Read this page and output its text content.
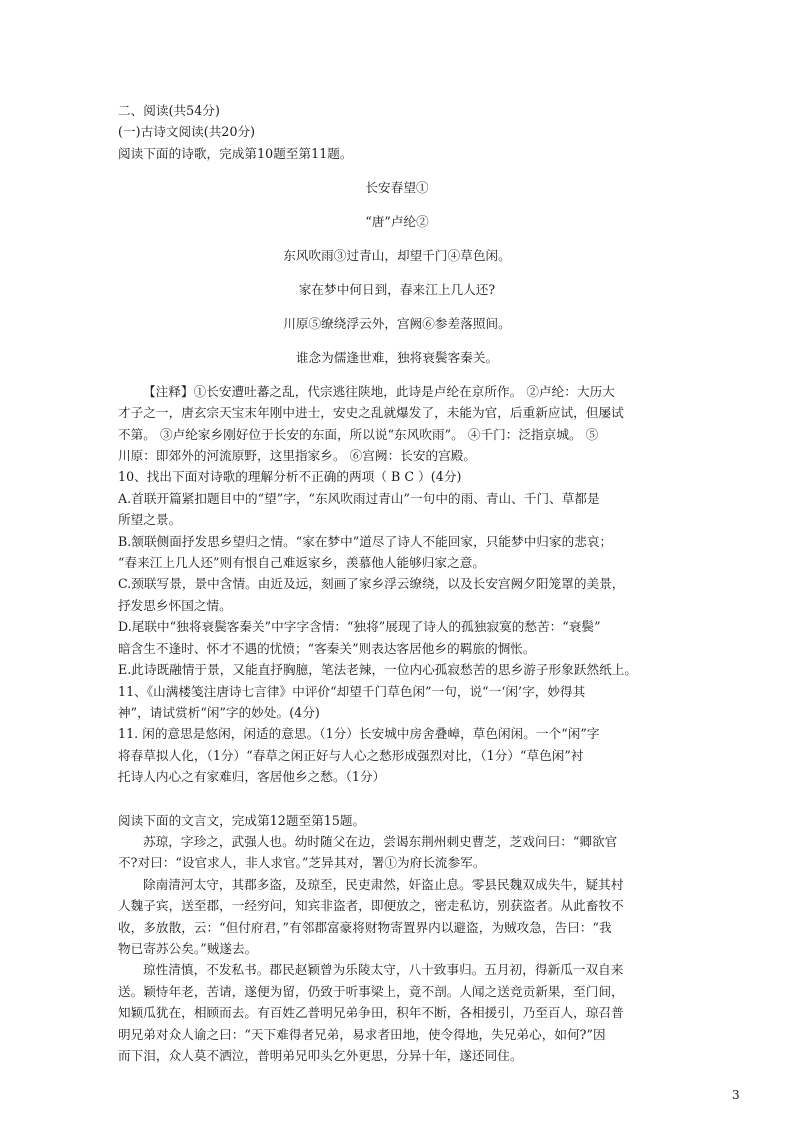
二、阅读(共54分)

(一)古诗文阅读(共20分)

阅读下面的诗歌，完成第10题至第11题。

长安春望①

“唐”卢纶②

东风吹雨③过青山，却望千门④草色闲。

家在梦中何日到，春来江上几人还?

川原⑤缭绕浮云外，宫阙⑥参差落照间。

谁念为儒逢世难，独将衰鬓客秦关。

【注释】①长安遭吐蕃之乱，代宗逃往陕地，此诗是卢纶在京所作。 ②卢纶：大历大

才子之一，唐玄宗天宝末年刚中进士，安史之乱就爆发了，未能为官，后重新应试，但屡试

不第。 ③卢纶家乡刚好位于长安的东面，所以说“东风吹雨”。 ④千门：泛指京城。 ⑤

川原：即郊外的河流原野，这里指家乡。 ⑥宫阙：长安的宫殿。

10、找出下面对诗歌的理解分析不正确的两项（ B C ）(4分)

A.首联开篇紧扣题目中的“望”字，“东风吹雨过青山”一句中的雨、青山、千门、草都是

所望之景。

B.颔联侧面抒发思乡望归之情。“家在梦中”道尽了诗人不能回家，只能梦中归家的悲哀；

“春来江上几人还”则有恨自己难返家乡，羡慕他人能够归家之意。

C.颈联写景，景中含情。由近及远，刻画了家乡浮云缭绕，以及长安宫阙夕阳笼罩的美景，

抒发思乡怀国之情。

D.尾联中“独将衰鬓客秦关”中字字含情：“独将”展现了诗人的孤独寂寞的愁苦：“衰鬓”

暗含生不逢时、怀才不遇的忧愤；“客秦关”则表达客居他乡的羁旅的惆怅。

E.此诗既融情于景，又能直抒胸臆，笔法老辣，一位内心孤寂愁苦的思乡游子形象跃然纸上。

11、《山满楼笺注唐诗七言律》中评价“却望千门草色闲”一句，说“一‘闲’字，妙得其

神”，请试赏析“闲”字的妙处。(4分)

11. 闲的意思是悠闲，闲适的意思。（1分）长安城中房舍叠嶂，草色闲闲。一个“闲”字

将春草拟人化，（1分）“春草之闲正好与人心之愁形成强烈对比，（1分）“草色闲”衬

托诗人内心之有家难归，客居他乡之愁。（1分）

阅读下面的文言文，完成第12题至第15题。

苏琼，字珍之，武强人也。幼时随父在边，尝谒东荆州刺史曹芝，芝戏问曰：“卿欲官

不?对曰：“设官求人，非人求官。”芝异其对，署①为府长流参军。

除南清河太守，其郡多盗，及琼至，民吏肃然，奸盗止息。零县民魏双成失牛，疑其村

人魏子宾，送至郡，一经穷问，知宾非盗者，即便放之，密走私访，别获盗者。从此畜牧不

收，多放散，云：“但付府君，”有邻郡富豪将财物寄置界内以避盗，为贼攻急，告曰：“我

物已寄苏公矣。”贼遂去。

琼性清慎，不发私书。郡民赵颖曾为乐陵太守，八十致事归。五月初，得新瓜一双自来

送。颖恃年老，苦请，遂便为留，仍致于听事梁上，竟不剖。人闻之送竞贡新果，至门间，

知颖瓜犹在，相顾而去。有百姓乙普明兄弟争田，积年不断，各相援引，乃至百人，琼召普

明兄弟对众人谕之曰：“天下难得者兄弟，易求者田地，使令得地，失兄弟心，如何?”因

而下泪，众人莫不洒泣，普明弟兄叩头乞外更思，分异十年，遂还同住。

3
